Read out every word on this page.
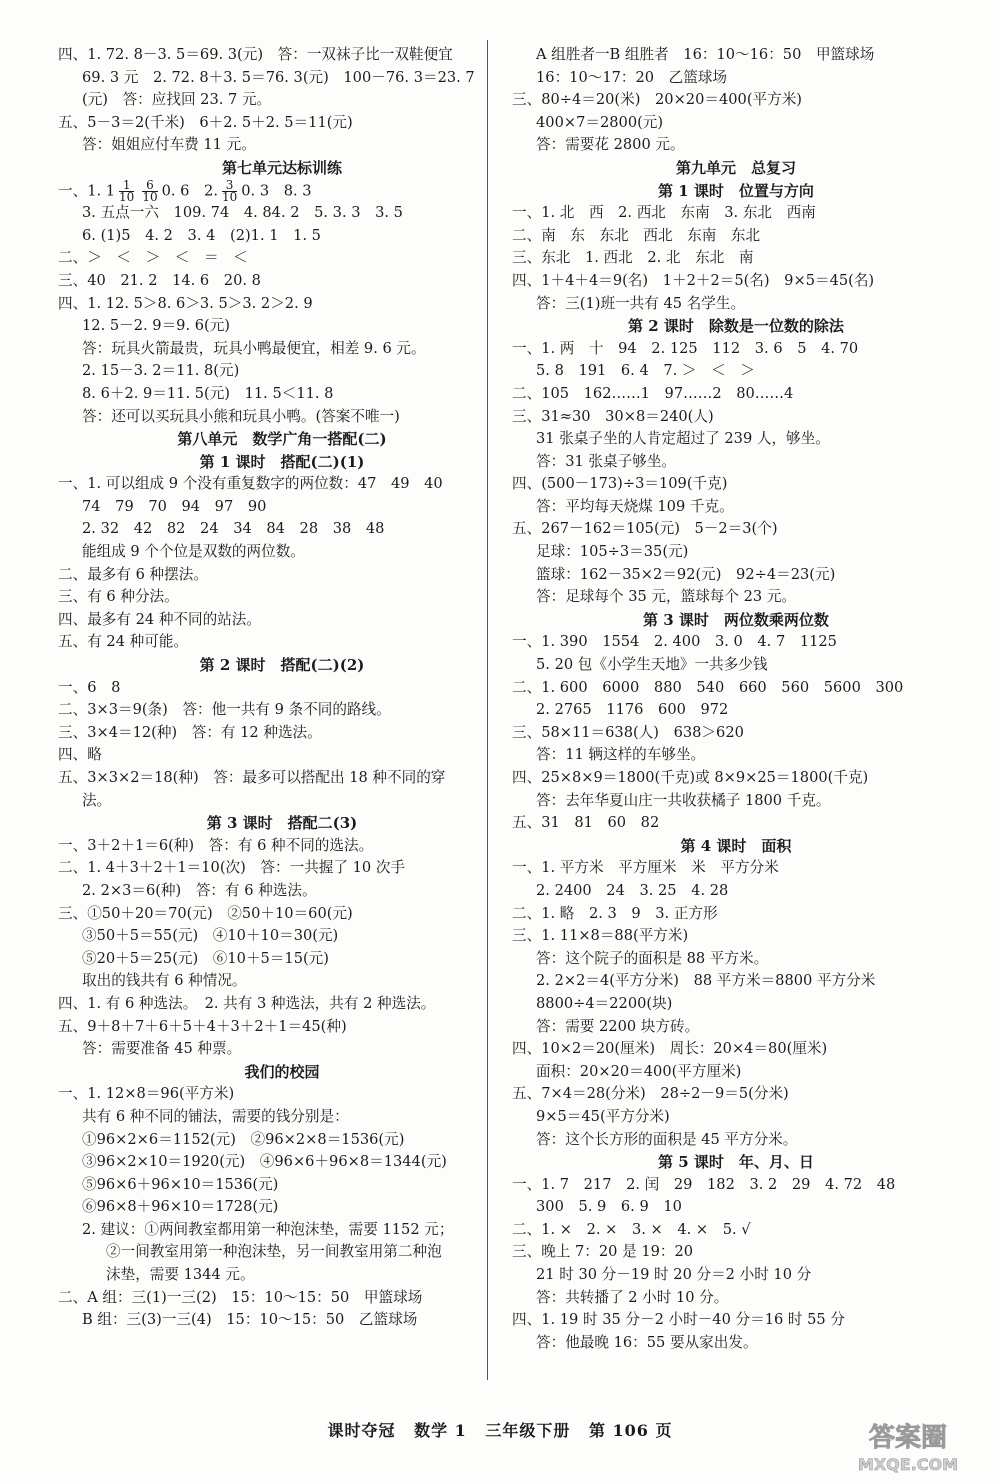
四、1. 72. 8－3. 5＝69. 3(元)　答：一双袜子比一双鞋便宜
69. 3 元　2. 72. 8＋3. 5＝76. 3(元)　100－76. 3＝23. 7
(元)　答：应找回 23. 7 元。
五、5－3＝2(千米)　6＋2. 5＋2. 5＝11(元)
答：姐姐应付车费 11 元。
第七单元达标训练
一、1. $1 \frac{1}{10} \frac{6}{10} 0$. 6　2. $\frac{3}{10} 0$. 3　8. 3
3. 五点一六　109. 74　4. 84. 2　5. 3. 3　3. 5
6. (1)5　4. 2　3. 4　(2)1. 1　1. 5
二、＞　＜　＞　＜　＝　＜
三、40　21. 2　14. 6　20. 8
四、1. 12. 5＞8. 6＞3. 5＞3. 2＞2. 9
12. 5－2. 9＝9. 6(元)
答：玩具火箭最贵，玩具小鸭最便宜，相差 9. 6 元。
2. 15－3. 2＝11. 8(元)
8. 6＋2. 9＝11. 5(元)　11. 5＜11. 8
答：还可以买玩具小熊和玩具小鸭。(答案不唯一)
第八单元　数学广角一搭配(二)
第 1 课时　搭配(二)(1)
一、1. 可以组成 9 个没有重复数字的两位数：47　49　40
74　79　70　94　97　90
2. 32　42　82　24　34　84　28　38　48
能组成 9 个个位是双数的两位数。
二、最多有 6 种摆法。
三、有 6 种分法。
四、最多有 24 种不同的站法。
五、有 24 种可能。
第 2 课时　搭配(二)(2)
一、6　8
二、3×3＝9(条)　答：他一共有 9 条不同的路线。
三、3×4＝12(种)　答：有 12 种选法。
四、略
五、3×3×2＝18(种)　答：最多可以搭配出 18 种不同的穿
法。
第 3 课时　搭配二(3)
一、3＋2＋1＝6(种)　答：有 6 种不同的选法。
二、1. 4＋3＋2＋1＝10(次)　答：一共握了 10 次手
2. 2×3＝6(种)　答：有 6 种选法。
三、①50＋20＝70(元)　②50＋10＝60(元)
③50＋5＝55(元)　④10＋10＝30(元)
⑤20＋5＝25(元)　⑥10＋5＝15(元)
取出的钱共有 6 种情况。
四、1. 有 6 种选法。　2. 共有 3 种选法，共有 2 种选法。
五、9＋8＋7＋6＋5＋4＋3＋2＋1＝45(种)
答：需要准备 45 种票。
我们的校园
一、1. 12×8＝96(平方米)
共有 6 种不同的铺法，需要的钱分别是：
①96×2×6＝1152(元)　②96×2×8＝1536(元)
③96×2×10＝1920(元)　④96×6＋96×8＝1344(元)
⑤96×6＋96×10＝1536(元)
⑥96×8＋96×10＝1728(元)
2. 建议：①两间教室都用第一种泡沫垫，需要 1152 元；
②一间教室用第一种泡沫垫，另一间教室用第二种泡
沫垫，需要 1344 元。
二、A 组：三(1)一三(2)　15：10～15：50　甲篮球场
B 组：三(3)一三(4)　15：10～15：50　乙篮球场
A 组胜者一B 组胜者　16：10～16：50　甲篮球场
16：10～17：20　乙篮球场
三、80÷4＝20(米)　20×20＝400(平方米)
400×7＝2800(元)
答：需要花 2800 元。
第九单元　总复习
第 1 课时　位置与方向
一、1. 北　西　2. 西北　东南　3. 东北　西南
二、南　东　东北　西北　东南　东北
三、东北　1. 西北　2. 北　东北　南
四、1＋4＋4＝9(名)　1＋2＋2＝5(名)　9×5＝45(名)
答：三(1)班一共有 45 名学生。
第 2 课时　除数是一位数的除法
一、1. 两　十　94　2. 125　112　3. 6　5　4. 70
5. 8　191　6. 4　7. ＞　＜　＞
二、105　162……1　97……2　80……4
三、31≈30　30×8＝240(人)
31 张桌子坐的人肯定超过了 239 人，够坐。
答：31 张桌子够坐。
四、(500－173)÷3＝109(千克)
答：平均每天烧煤 109 千克。
五、267－162＝105(元)　5－2＝3(个)
足球：105÷3＝35(元)
篮球：162－35×2＝92(元)　92÷4＝23(元)
答：足球每个 35 元，篮球每个 23 元。
第 3 课时　两位数乘两位数
一、1. 390　1554　2. 400　3. 0　4. 7　1125
5. 20 包《小学生天地》一共多少钱
二、1. 600　6000　880　540　660　560　5600　300
2. 2765　1176　600　972
三、58×11＝638(人)　638＞620
答：11 辆这样的车够坐。
四、25×8×9＝1800(千克)或 8×9×25＝1800(千克)
答：去年华夏山庄一共收获橘子 1800 千克。
五、31　81　60　82
第 4 课时　面积
一、1. 平方米　平方厘米　米　平方分米
2. 2400　24　3. 25　4. 28
二、1. 略　2. 3　9　3. 正方形
三、1. 11×8＝88(平方米)
答：这个院子的面积是 88 平方米。
2. 2×2＝4(平方分米)　88 平方米＝8800 平方分米
8800÷4＝2200(块)
答：需要 2200 块方砖。
四、10×2＝20(厘米)　周长：20×4＝80(厘米)
面积：20×20＝400(平方厘米)
五、7×4＝28(分米)　28÷2－9＝5(分米)
9×5＝45(平方分米)
答：这个长方形的面积是 45 平方分米。
第 5 课时　年、月、日
一、1. 7　217　2. 闰　29　182　3. 2　29　4. 72　48
300　5. 9　6. 9　10
二、1. ×　2. ×　3. ×　4. ×　5. √
三、晚上 7：20 是 19：20
21 时 30 分－19 时 20 分＝2 小时 10 分
答：共转播了 2 小时 10 分。
四、1. 19 时 35 分－2 小时－40 分＝16 时 55 分
答：他最晚 16：55 要从家出发。
课时夺冠 数学 1 三年级下册 第 106 页	答案圈
MXQE.COM
